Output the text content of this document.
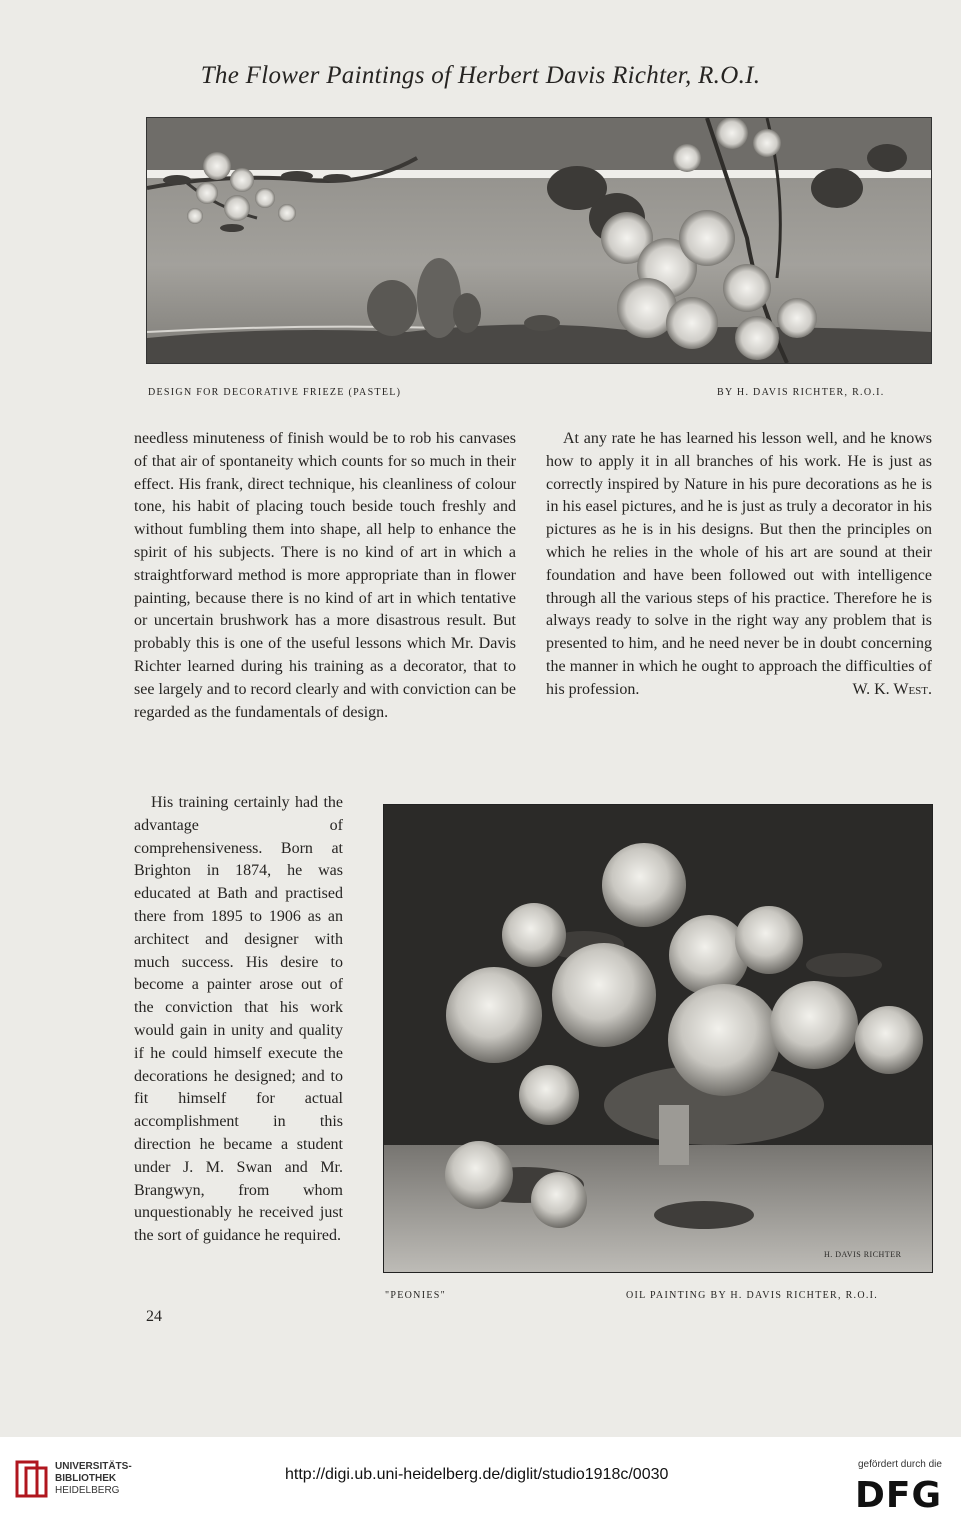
The Flower Paintings of Herbert Davis Richter, R.O.I.
DESIGN FOR DECORATIVE FRIEZE (PASTEL)	BY H. DAVIS RICHTER, R.O.I.

needless minuteness of finish would be to rob his canvases of that air of spontaneity which counts for so much in their effect. His frank, direct technique, his cleanliness of colour tone, his habit of placing touch beside touch freshly and without fumbling them into shape, all help to enhance the spirit of his subjects. There is no kind of art in which a straightforward method is more appropriate than in flower painting, because there is no kind of art in which tentative or uncertain brushwork has a more disastrous result. But probably this is one of the useful lessons which Mr. Davis Richter learned during his training as a decorator, that to see largely and to record clearly and with conviction can be regarded as the fundamentals of design.

His training certainly had the advantage of comprehensiveness. Born at Brighton in 1874, he was educated at Bath and practised there from 1895 to 1906 as an architect and designer with much success. His desire to become a painter arose out of the conviction that his work would gain in unity and quality if he could himself execute the decorations he designed; and to fit himself for actual accomplishment in this direction he became a student under J. M. Swan and Mr. Brangwyn, from whom unquestionably he received just the sort of guidance he required.

At any rate he has learned his lesson well, and he knows how to apply it in all branches of his work. He is just as correctly inspired by Nature in his pure decorations as he is in his easel pictures, and he is just as truly a decorator in his pictures as he is in his designs. But then the principles on which he relies in the whole of his art are sound at their foundation and have been followed out with intelligence through all the various steps of his practice. Therefore he is always ready to solve in the right way any problem that is presented to him, and he need never be in doubt concerning the manner in which he ought to approach the difficulties of his profession.	W. K. West.

H. DAVIS RICHTER
"PEONIES"	OIL PAINTING BY H. DAVIS RICHTER, R.O.I.
24
UNIVERSITÄTS-
BIBLIOTHEK
HEIDELBERG
http://digi.ub.uni-heidelberg.de/diglit/studio1918c/0030
gefördert durch die
DFG
